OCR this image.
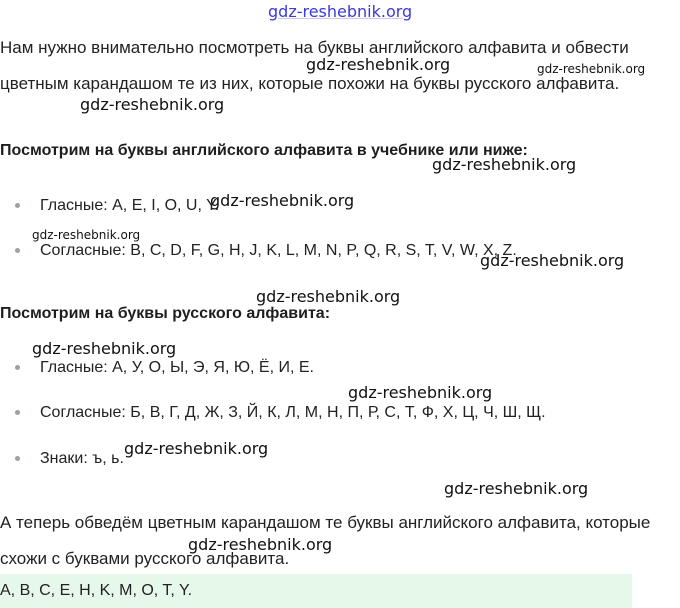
Нам нужно внимательно посмотреть на буквы английского алфавита и обвести цветным карандашом те из них, которые похожи на буквы русского алфавита.

Посмотрим на буквы английского алфавита в учебнике или ниже:

Гласные: A, E, I, O, U, Y.
Согласные: B, C, D, F, G, H, J, K, L, M, N, P, Q, R, S, T, V, W, X, Z.

Посмотрим на буквы русского алфавита:

Гласные: А, У, О, Ы, Э, Я, Ю, Ё, И, Е.
Согласные: Б, В, Г, Д, Ж, З, Й, К, Л, М, Н, П, Р, С, Т, Ф, Х, Ц, Ч, Ш, Щ.
Знаки: ъ, ь.

А теперь обведём цветным карандашом те буквы английского алфавита, которые схожи с буквами русского алфавита.

A, B, C, E, H, K, M, O, T, Y.
gdz-reshebnik.org
gdz-reshebnik.org	gdz-reshebnik.org
gdz-reshebnik.org
gdz-reshebnik.org
gdz-reshebnik.org
gdz-reshebnik.org
gdz-reshebnik.org
gdz-reshebnik.org
gdz-reshebnik.org
gdz-reshebnik.org
gdz-reshebnik.org
gdz-reshebnik.org
gdz-reshebnik.org
